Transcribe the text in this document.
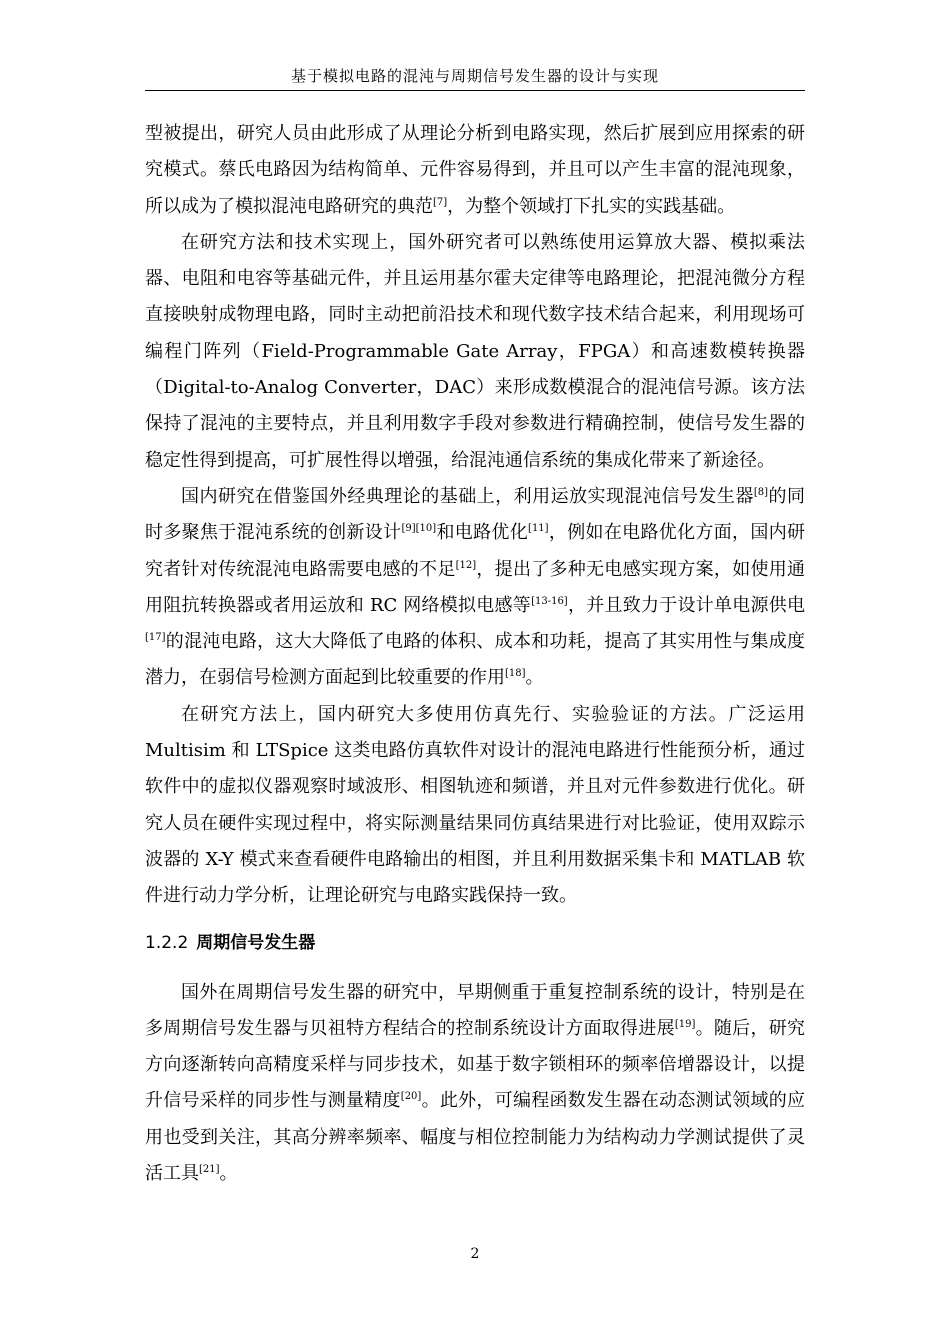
基于模拟电路的混沌与周期信号发生器的设计与实现

型被提出，研究人员由此形成了从理论分析到电路实现，然后扩展到应用探索的研究模式。蔡氏电路因为结构简单、元件容易得到，并且可以产生丰富的混沌现象，所以成为了模拟混沌电路研究的典范[7]，为整个领域打下扎实的实践基础。

在研究方法和技术实现上，国外研究者可以熟练使用运算放大器、模拟乘法器、电阻和电容等基础元件，并且运用基尔霍夫定律等电路理论，把混沌微分方程直接映射成物理电路，同时主动把前沿技术和现代数字技术结合起来，利用现场可编程门阵列（Field-Programmable Gate Array，FPGA）和高速数模转换器（Digital-to-Analog Converter，DAC）来形成数模混合的混沌信号源。该方法保持了混沌的主要特点，并且利用数字手段对参数进行精确控制，使信号发生器的稳定性得到提高，可扩展性得以增强，给混沌通信系统的集成化带来了新途径。

国内研究在借鉴国外经典理论的基础上，利用运放实现混沌信号发生器[8]的同时多聚焦于混沌系统的创新设计[9][10]和电路优化[11]，例如在电路优化方面，国内研究者针对传统混沌电路需要电感的不足[12]，提出了多种无电感实现方案，如使用通用阻抗转换器或者用运放和 RC 网络模拟电感等[13-16]，并且致力于设计单电源供电[17]的混沌电路，这大大降低了电路的体积、成本和功耗，提高了其实用性与集成度潜力，在弱信号检测方面起到比较重要的作用[18]。

在研究方法上，国内研究大多使用仿真先行、实验验证的方法。广泛运用 Multisim 和 LTSpice 这类电路仿真软件对设计的混沌电路进行性能预分析，通过软件中的虚拟仪器观察时域波形、相图轨迹和频谱，并且对元件参数进行优化。研究人员在硬件实现过程中，将实际测量结果同仿真结果进行对比验证，使用双踪示波器的 X-Y 模式来查看硬件电路输出的相图，并且利用数据采集卡和 MATLAB 软件进行动力学分析，让理论研究与电路实践保持一致。

1.2.2 周期信号发生器

国外在周期信号发生器的研究中，早期侧重于重复控制系统的设计，特别是在多周期信号发生器与贝祖特方程结合的控制系统设计方面取得进展[19]。随后，研究方向逐渐转向高精度采样与同步技术，如基于数字锁相环的频率倍增器设计，以提升信号采样的同步性与测量精度[20]。此外，可编程函数发生器在动态测试领域的应用也受到关注，其高分辨率频率、幅度与相位控制能力为结构动力学测试提供了灵活工具[21]。

2
